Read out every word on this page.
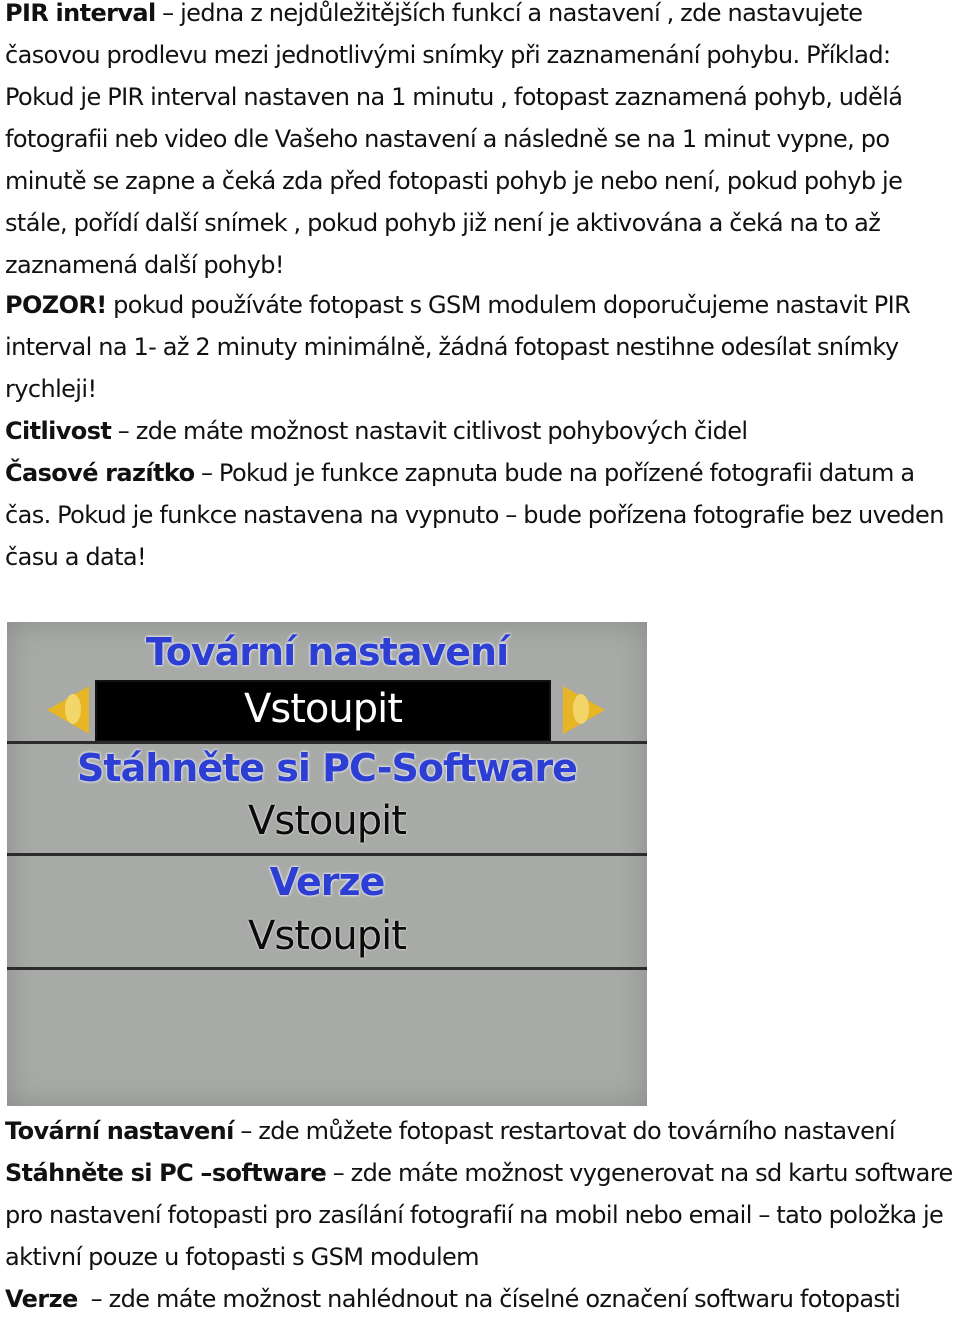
PIR interval – jedna z nejdůležitějších funkcí a nastavení , zde nastavujete časovou prodlevu mezi jednotlivými snímky při zaznamenání pohybu. Příklad: Pokud je PIR interval nastaven na 1 minutu , fotopast zaznamená pohyb, udělá fotografii neb video dle Vašeho nastavení a následně se na 1 minut vypne, po minutě se zapne a čeká zda před fotopasti pohyb je nebo není, pokud pohyb je stále, pořídí další snímek , pokud pohyb již není je aktivována a čeká na to až zaznamená další pohyb!

POZOR! pokud používáte fotopast s GSM modulem doporučujeme nastavit PIR interval na 1- až 2 minuty minimálně, žádná fotopast nestihne odesílat snímky rychleji!

Citlivost – zde máte možnost nastavit citlivost pohybových čidel

Časové razítko – Pokud je funkce zapnuta bude na pořízené fotografii datum a čas. Pokud je funkce nastavena na vypnuto – bude pořízena fotografie bez uveden času a data!

Tovární nastavení
Vstoupit
Stáhněte si PC-Software
Vstoupit
Verze
Vstoupit

Tovární nastavení – zde můžete fotopast restartovat do továrního nastavení

Stáhněte si PC –software – zde máte možnost vygenerovat na sd kartu software pro nastavení fotopasti pro zasílání fotografií na mobil nebo email – tato položka je aktivní pouze u fotopasti s GSM modulem

Verze  – zde máte možnost nahlédnout na číselné označení softwaru fotopasti
